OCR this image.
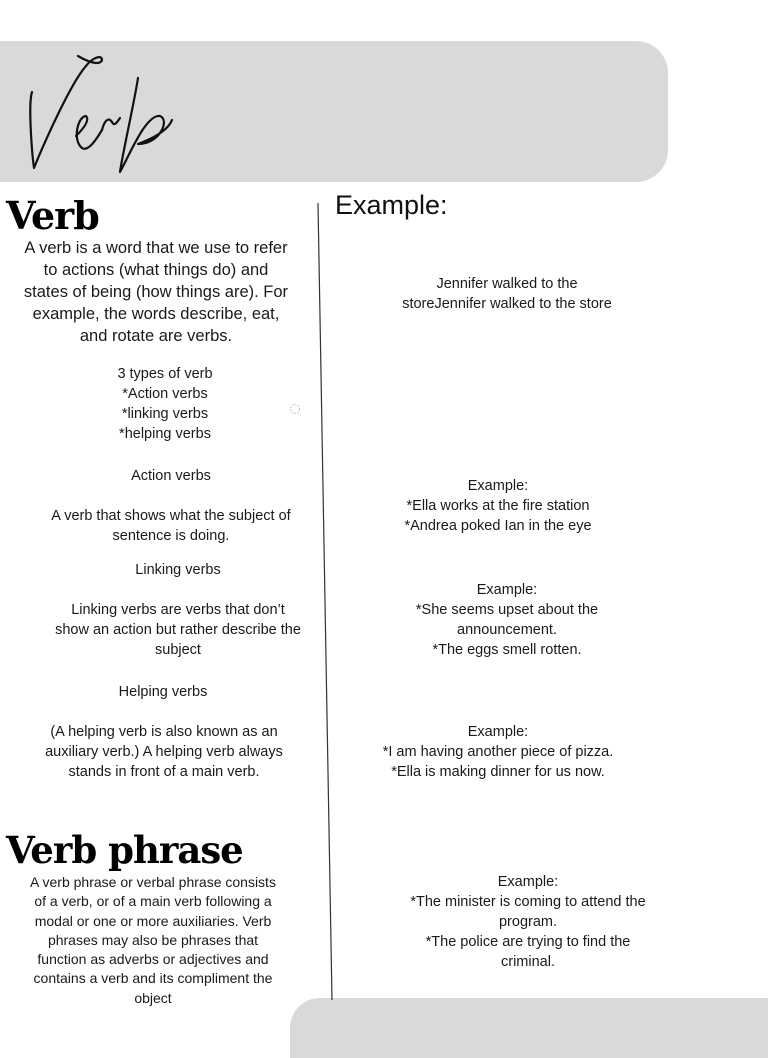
Verb
A verb is a word that we use to refer
to actions (what things do) and
states of being (how things are). For
example, the words describe, eat,
and rotate are verbs.
3 types of verb
*Action verbs
*linking verbs
*helping verbs
Action verbs
A verb that shows what the subject of
sentence is doing.
Linking verbs
Linking verbs are verbs that don’t
show an action but rather describe the
subject
Helping verbs
(A helping verb is also known as an
auxiliary verb.) A helping verb always
stands in front of a main verb.
Verb phrase
A verb phrase or verbal phrase consists
of a verb, or of a main verb following a
modal or one or more auxiliaries. Verb
phrases may also be phrases that
function as adverbs or adjectives and
contains a verb and its compliment the
object
Example:
Jennifer walked to the
storeJennifer walked to the store
Example:
*Ella works at the fire station
*Andrea poked Ian in the eye
Example:
*She seems upset about the
announcement.
*The eggs smell rotten.
Example:
*I am having another piece of pizza.
*Ella is making dinner for us now.
Example:
*The minister is coming to attend the
program.
*The police are trying to find the
criminal.
